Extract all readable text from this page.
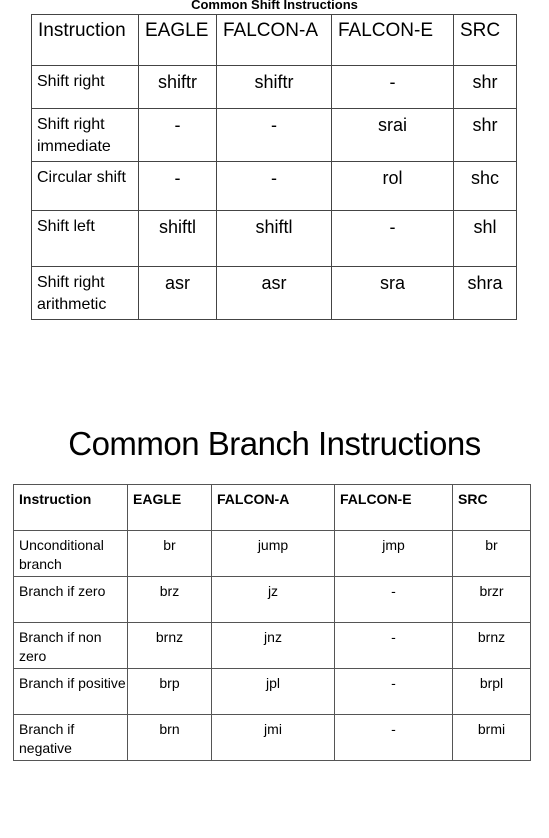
Common Shift Instructions
Instruction	EAGLE	FALCON-A	FALCON-E	SRC
Shift right	shiftr	shiftr	-	shr
Shift right immediate	-	-	srai	shr
Circular shift	-	-	rol	shc
Shift left	shiftl	shiftl	-	shl
Shift right arithmetic	asr	asr	sra	shra
Common Branch Instructions
Instruction	EAGLE	FALCON-A	FALCON-E	SRC
Unconditional branch	br	jump	jmp	br
Branch if zero	brz	jz	-	brzr
Branch if non zero	brnz	jnz	-	brnz
Branch if positive	brp	jpl	-	brpl
Branch if negative	brn	jmi	-	brmi
